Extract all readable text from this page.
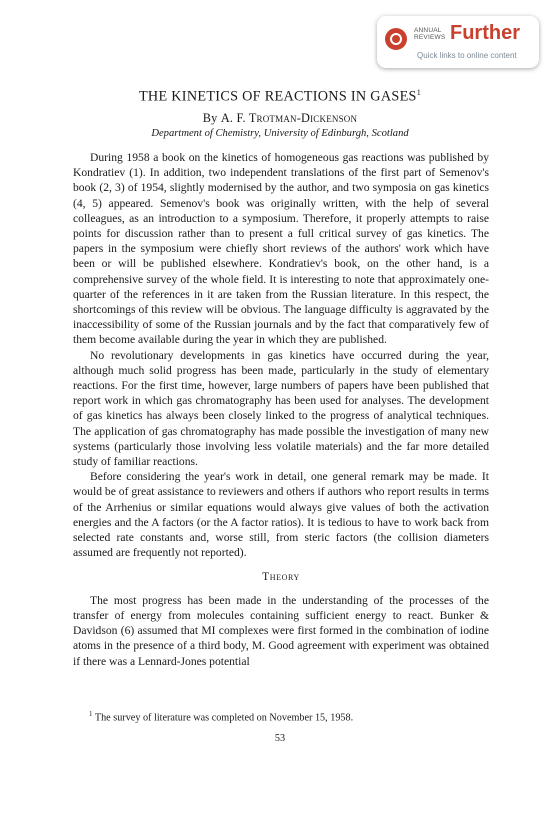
ANNUAL
REVIEWS Further
Quick links to online content
THE KINETICS OF REACTIONS IN GASES$^1$
By A. F. Trotman-Dickenson
Department of Chemistry, University of Edinburgh, Scotland

During 1958 a book on the kinetics of homogeneous gas reactions was published by Kondratiev (1). In addition, two independent translations of the first part of Semenov's book (2, 3) of 1954, slightly modernised by the author, and two symposia on gas kinetics (4, 5) appeared. Semenov's book was originally written, with the help of several colleagues, as an introduction to a symposium. Therefore, it properly attempts to raise points for discussion rather than to present a full critical survey of gas kinetics. The papers in the symposium were chiefly short reviews of the authors' work which have been or will be published elsewhere. Kondratiev's book, on the other hand, is a comprehensive survey of the whole field. It is interesting to note that approximately one-quarter of the references in it are taken from the Russian literature. In this respect, the shortcomings of this review will be obvious. The language difficulty is aggravated by the inaccessibility of some of the Russian journals and by the fact that comparatively few of them become available during the year in which they are published.

No revolutionary developments in gas kinetics have occurred during the year, although much solid progress has been made, particularly in the study of elementary reactions. For the first time, however, large numbers of papers have been published that report work in which gas chromatography has been used for analyses. The development of gas kinetics has always been closely linked to the progress of analytical techniques. The application of gas chromatography has made possible the investigation of many new systems (particularly those involving less volatile materials) and the far more detailed study of familiar reactions.

Before considering the year's work in detail, one general remark may be made. It would be of great assistance to reviewers and others if authors who report results in terms of the Arrhenius or similar equations would always give values of both the activation energies and the A factors (or the A factor ratios). It is tedious to have to work back from selected rate constants and, worse still, from steric factors (the collision diameters assumed are frequently not reported).

Theory

The most progress has been made in the understanding of the processes of the transfer of energy from molecules containing sufficient energy to react. Bunker & Davidson (6) assumed that MI complexes were first formed in the combination of iodine atoms in the presence of a third body, M. Good agreement with experiment was obtained if there was a Lennard-Jones potential

$^1$ The survey of literature was completed on November 15, 1958.
53
